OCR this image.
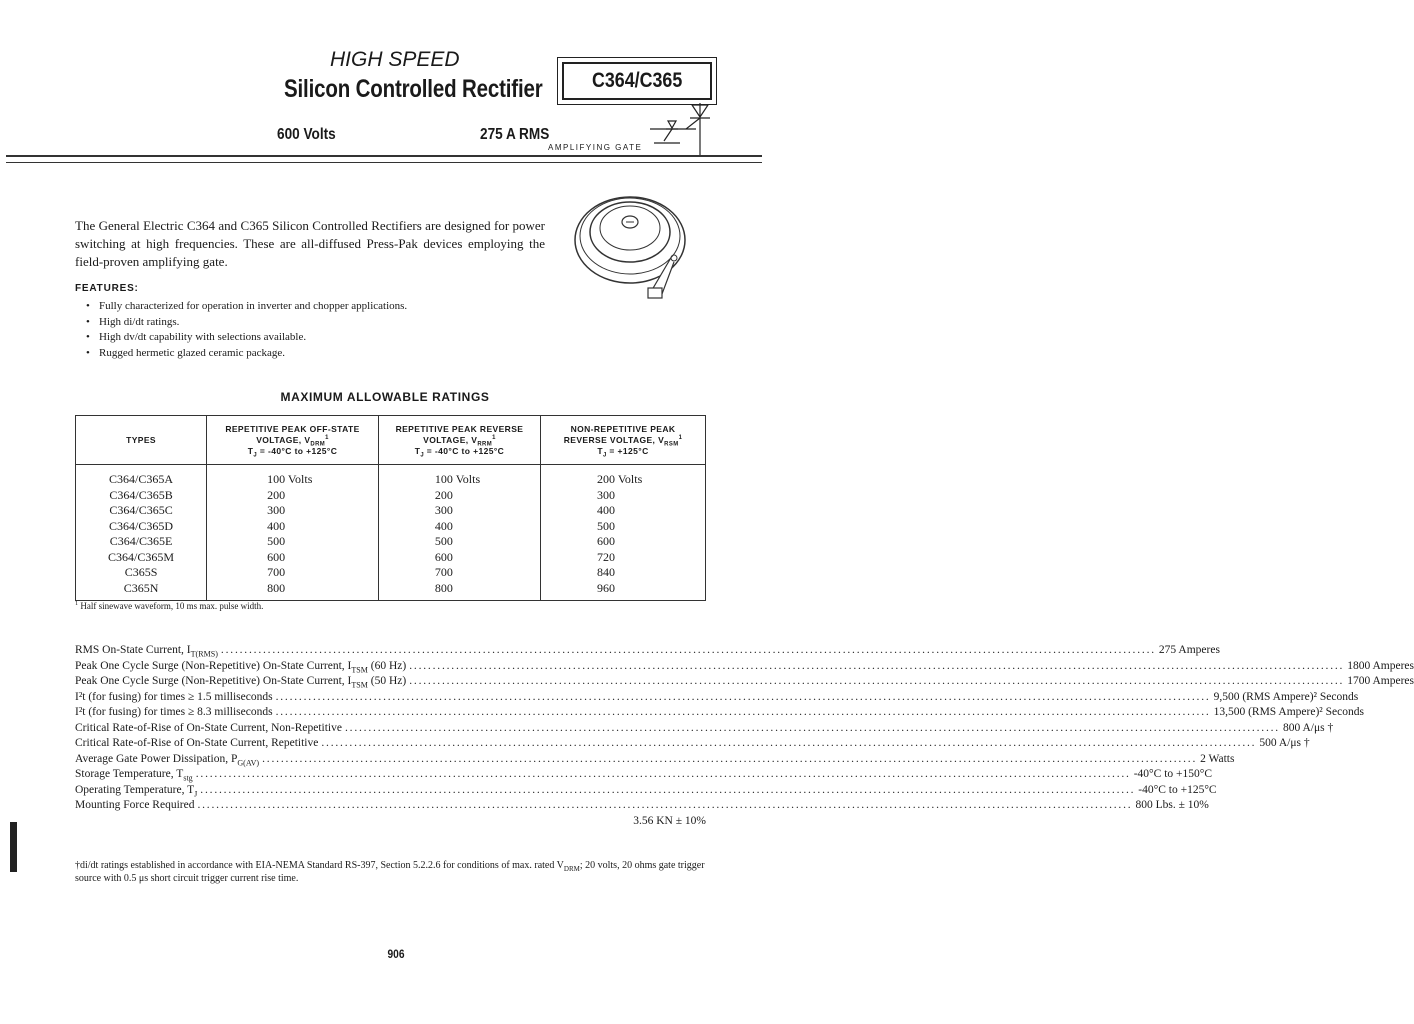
HIGH SPEED
Silicon Controlled Rectifier C364/C365
600 Volts	275 A RMS
AMPLIFYING GATE
The General Electric C364 and C365 Silicon Controlled Rectifiers are designed for power switching at high frequencies. These are all-diffused Press-Pak devices employing the field-proven amplifying gate.
FEATURES:
• Fully characterized for operation in inverter and chopper applications.
• High di/dt ratings.
• High dv/dt capability with selections available.
• Rugged hermetic glazed ceramic package.
MAXIMUM ALLOWABLE RATINGS
TYPES	REPETITIVE PEAK OFF-STATE
VOLTAGE, $V_{DRM}^1$
$T_J = -40^\circ C$ to +125°C	REPETITIVE PEAK REVERSE
VOLTAGE, $V_{RRM}^1$
$T_J = -40^\circ C$ to +125°C	NON-REPETITIVE PEAK
REVERSE VOLTAGE, $V_{RSM}^1$
$T_J = +125^\circ C$
C364/C365A	100 Volts	100 Volts	200 Volts
C364/C365B	200	200	300
C364/C365C	300	300	400
C364/C365D	400	400	500
C364/C365E	500	500	600
C364/C365M	600	600	720
C365S	700	700	840
C365N	800	800	960
$^1$ Half sinewave waveform, 10 ms max. pulse width.
RMS On-State Current, $I_{T(RMS)}$ ........................................................................................................................................................................................................ 275 Amperes
Peak One Cycle Surge (Non-Repetitive) On-State Current, $I_{TSM}$ (60 Hz) ........................................................................................................................................................................................................ 1800 Amperes
Peak One Cycle Surge (Non-Repetitive) On-State Current, $I_{TSM}$ (50 Hz) ........................................................................................................................................................................................................ 1700 Amperes
I²t (for fusing) for times ≥ 1.5 milliseconds ........................................................................................................................................................................................................ 9,500 (RMS Ampere)² Seconds
I²t (for fusing) for times ≥ 8.3 milliseconds ........................................................................................................................................................................................................ 13,500 (RMS Ampere)² Seconds
Critical Rate-of-Rise of On-State Current, Non-Repetitive ........................................................................................................................................................................................................ 800 A/μs †
Critical Rate-of-Rise of On-State Current, Repetitive ........................................................................................................................................................................................................ 500 A/μs †
Average Gate Power Dissipation, $P_{G(AV)}$ ........................................................................................................................................................................................................ 2 Watts
Storage Temperature, $T_{stg}$ ........................................................................................................................................................................................................ -40°C to +150°C
Operating Temperature, $T_J$ ........................................................................................................................................................................................................ -40°C to +125°C
Mounting Force Required ........................................................................................................................................................................................................ 800 Lbs. ± 10%
3.56 KN ± 10%
†di/dt ratings established in accordance with EIA-NEMA Standard RS-397, Section 5.2.2.6 for conditions of max. rated $V_{DRM}$; 20 volts, 20 ohms gate trigger source with 0.5 μs short circuit trigger current rise time.
906
